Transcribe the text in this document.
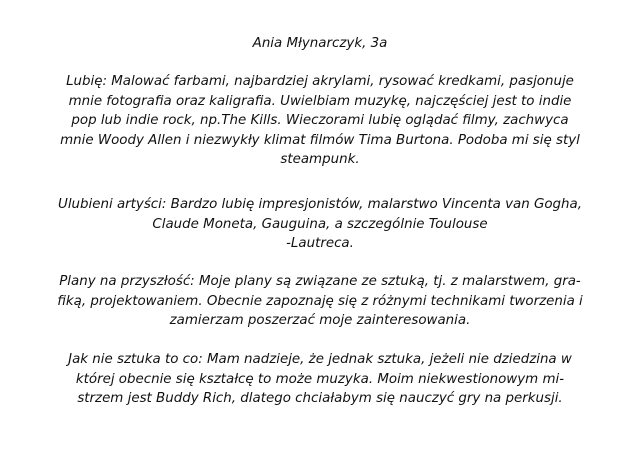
Ania Młynarczyk, 3a

Lubię: Malować farbami, najbardziej akrylami, rysować kredkami, pasjonuje
mnie fotografia oraz kaligrafia. Uwielbiam muzykę, najczęściej jest to indie
pop lub indie rock, np.The Kills. Wieczorami lubię oglądać filmy, zachwyca
mnie Woody Allen i niezwykły klimat filmów Tima Burtona. Podoba mi się styl
steampunk.

Ulubieni artyści: Bardzo lubię impresjonistów, malarstwo Vincenta van Gogha,
Claude Moneta, Gauguina, a szczególnie Toulouse
-Lautreca.

Plany na przyszłość: Moje plany są związane ze sztuką, tj. z malarstwem, gra-
fiką, projektowaniem. Obecnie zapoznaję się z różnymi technikami tworzenia i
zamierzam poszerzać moje zainteresowania.

Jak nie sztuka to co: Mam nadzieje, że jednak sztuka, jeżeli nie dziedzina w
której obecnie się kształcę to może muzyka. Moim niekwestionowym mi-
strzem jest Buddy Rich, dlatego chciałabym się nauczyć gry na perkusji.
